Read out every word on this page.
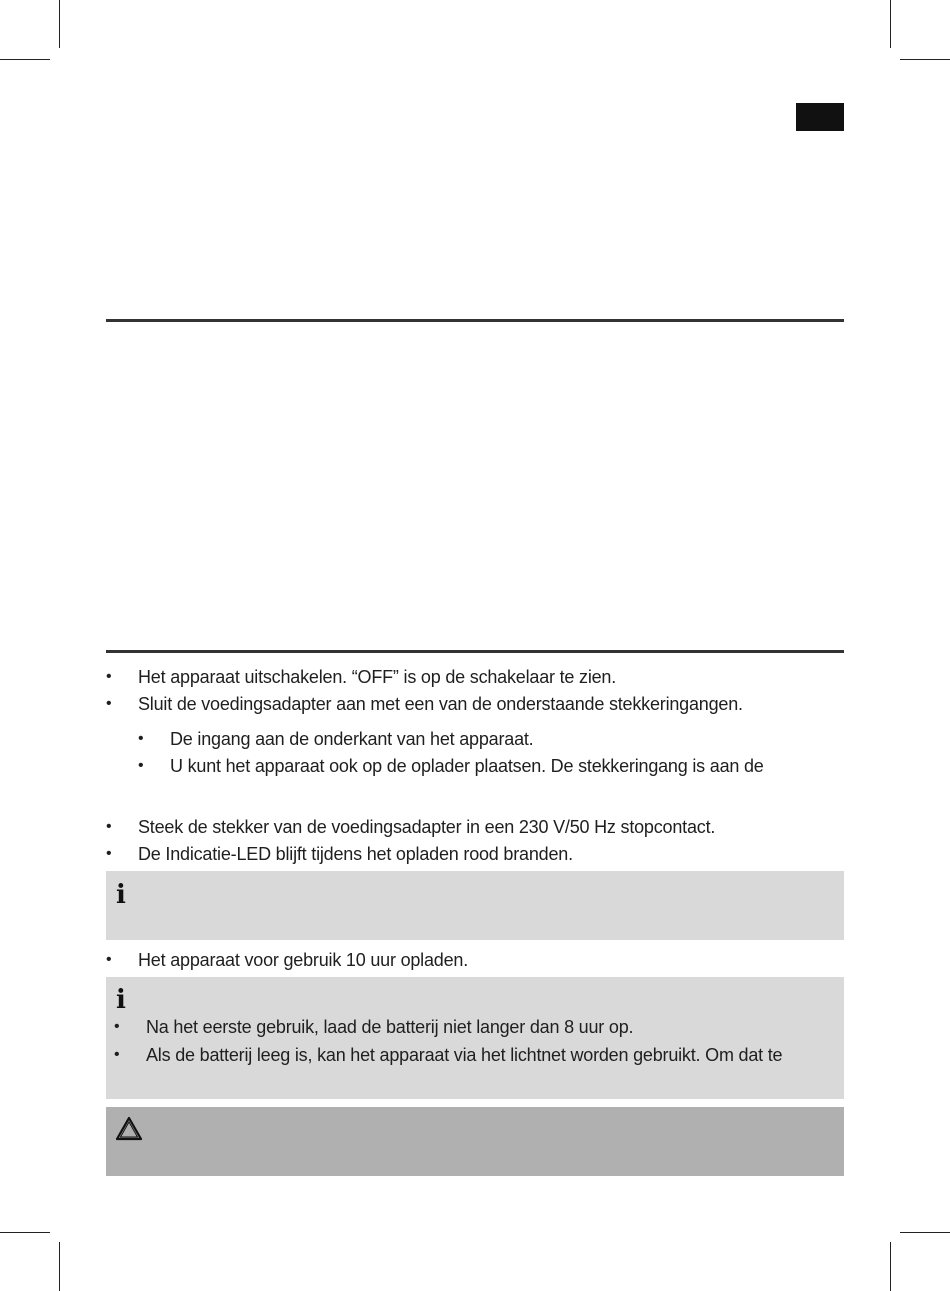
• Het apparaat uitschakelen. “OFF” is op de schakelaar te zien.
• Sluit de voedingsadapter aan met een van de onderstaande stekkeringangen.
• De ingang aan de onderkant van het apparaat.
• U kunt het apparaat ook op de oplader plaatsen. De stekkeringang is aan de
• Steek de stekker van de voedingsadapter in een 230 V/50 Hz stopcontact.
• De Indicatie-LED blijft tijdens het opladen rood branden.
i
• Het apparaat voor gebruik 10 uur opladen.
i
• Na het eerste gebruik, laad de batterij niet langer dan 8 uur op.
• Als de batterij leeg is, kan het apparaat via het lichtnet worden gebruikt. Om dat te
